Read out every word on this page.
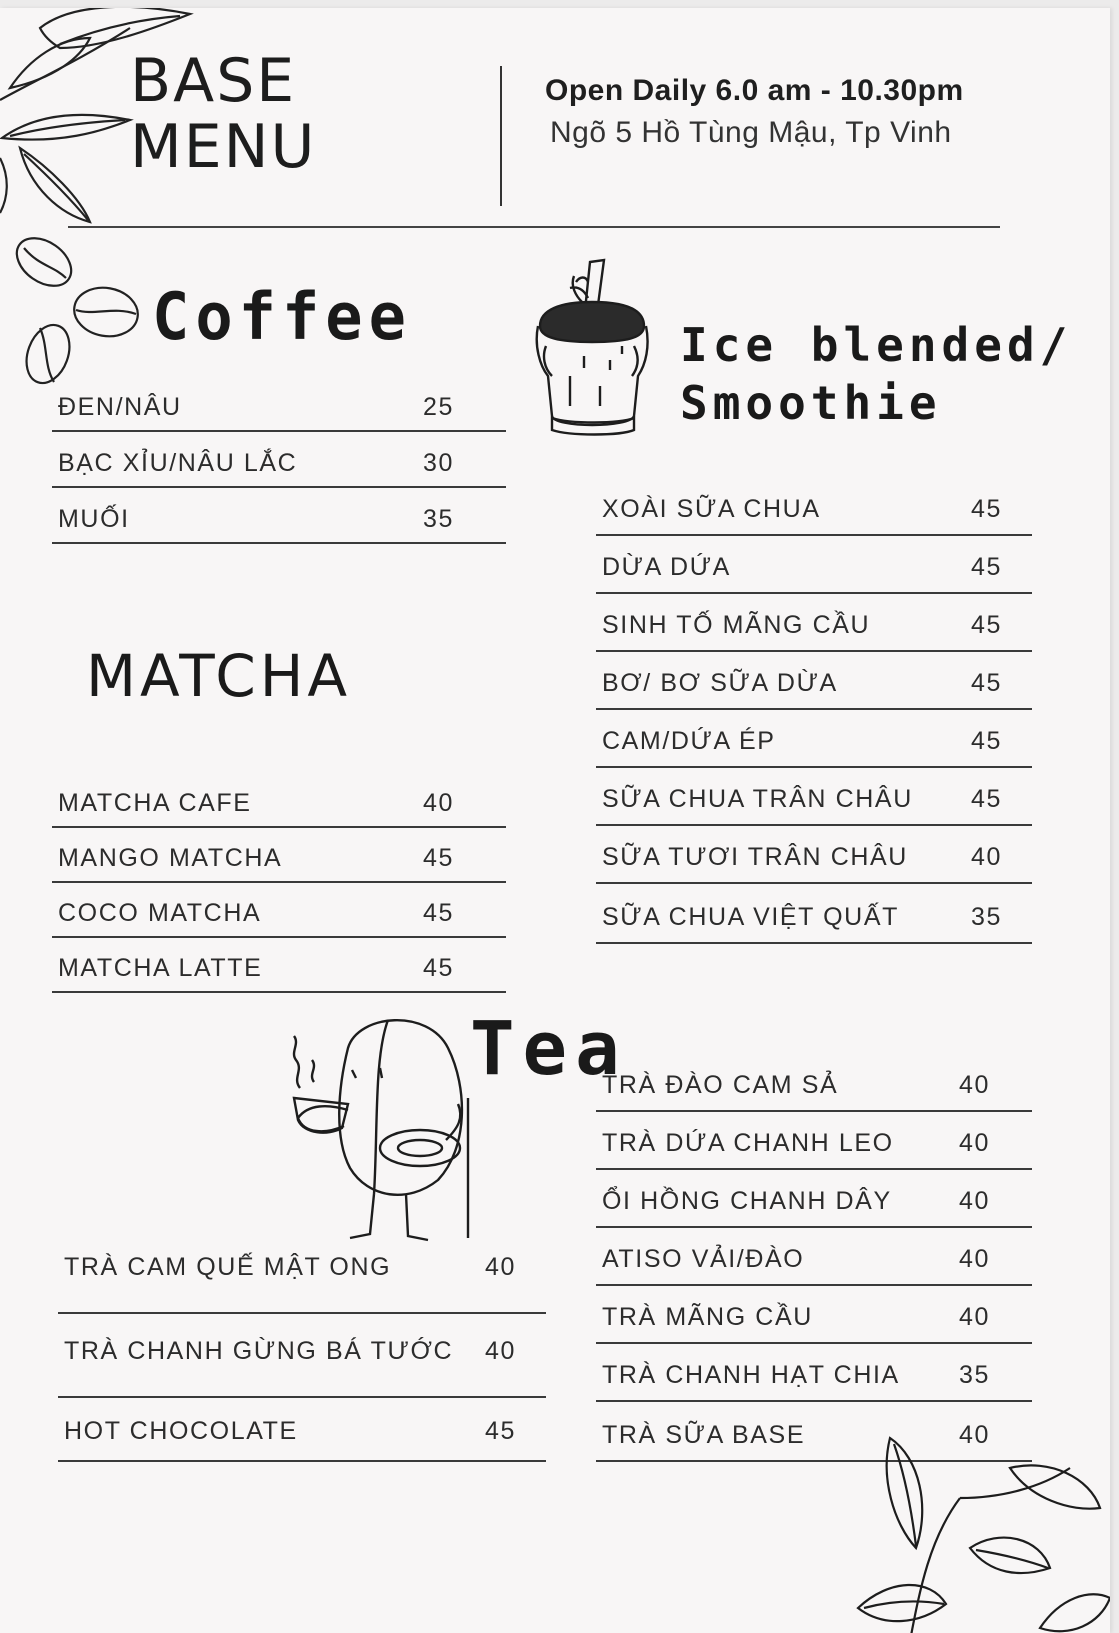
BASE
MENU
Open Daily 6.0 am - 10.30pm
Ngõ 5 Hồ Tùng Mậu, Tp Vinh
Coffee
ĐEN/NÂU	25
BẠC XỈU/NÂU LẮC	30
MUỐI	35
MATCHA
MATCHA CAFE	40
MANGO MATCHA	45
COCO MATCHA	45
MATCHA LATTE	45
Ice blended/
Smoothie
XOÀI SỮA CHUA	45
DỪA DỨA	45
SINH TỐ MÃNG CẦU	45
BƠ/ BƠ SỮA DỪA	45
CAM/DỨA ÉP	45
SỮA CHUA TRÂN CHÂU 45
SỮA TƯƠI TRÂN CHÂU	40
SỮA CHUA VIỆT QUẤT	35
Tea
TRÀ CAM QUẾ MẬT ONG	40
TRÀ CHANH GỪNG BÁ TƯỚC 40
HOT CHOCOLATE	45
TRÀ ĐÀO CAM SẢ	40
TRÀ DỨA CHANH LEO	40
ỔI HỒNG CHANH DÂY	40
ATISO VẢI/ĐÀO	40
TRÀ MÃNG CẦU	40
TRÀ CHANH HẠT CHIA 35
TRÀ SỮA BASE	40
